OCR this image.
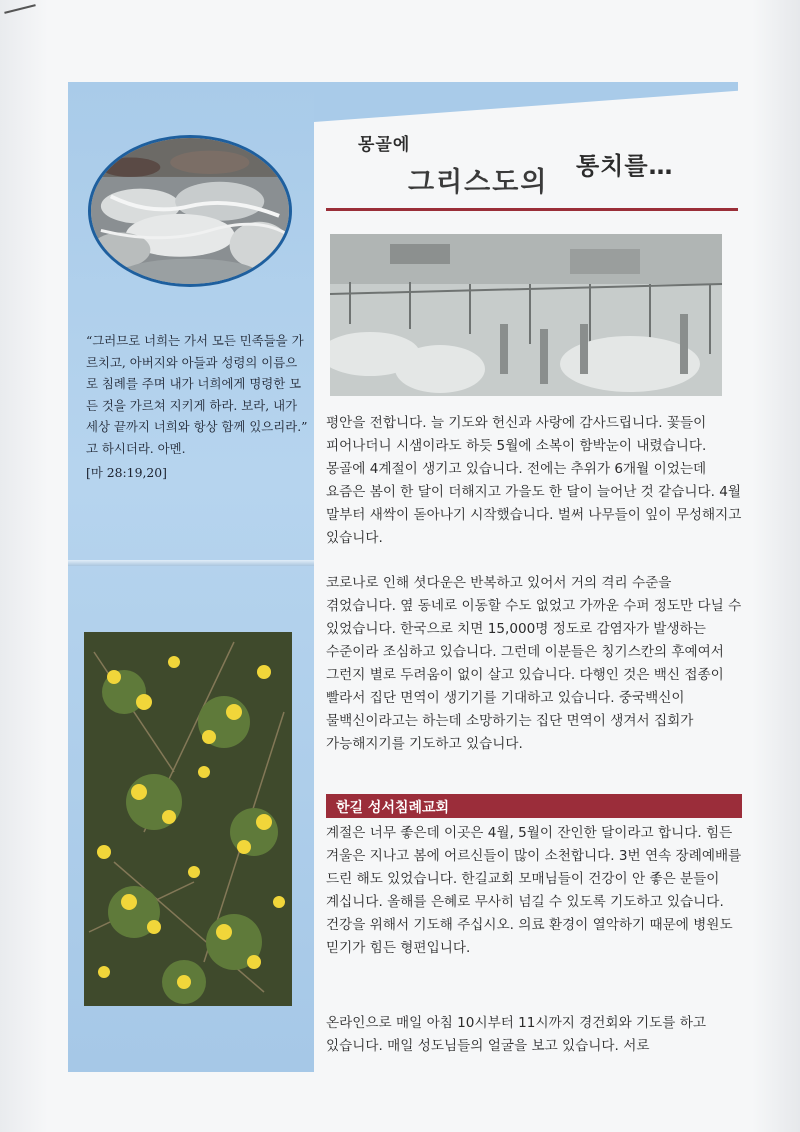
“그러므로 너희는 가서 모든 민족들을 가르치고, 아버지와 아들과 성령의 이름으로 침례를 주며 내가 너희에게 명령한 모든 것을 가르쳐 지키게 하라. 보라, 내가 세상 끝까지 너희와 항상 함께 있으리라.” 고 하시더라. 아멘.
[마 28:19,20]
몽골에
그리스도의
통치를…
평안을 전합니다. 늘 기도와 헌신과 사랑에 감사드립니다. 꽃들이 피어나더니 시샘이라도 하듯 5월에 소복이 함박눈이 내렸습니다. 몽골에 4계절이 생기고 있습니다. 전에는 추위가 6개월 이었는데 요즘은 봄이 한 달이 더해지고 가을도 한 달이 늘어난 것 같습니다. 4월 말부터 새싹이 돋아나기 시작했습니다. 벌써 나무들이 잎이 무성해지고 있습니다.
코로나로 인해 셧다운은 반복하고 있어서 거의 격리 수준을 겪었습니다. 옆 동네로 이동할 수도 없었고 가까운 수퍼 정도만 다닐 수 있었습니다. 한국으로 치면 15,000명 정도로 감염자가 발생하는 수준이라 조심하고 있습니다. 그런데 이분들은 칭기스칸의 후예여서 그런지 별로 두려움이 없이 살고 있습니다. 다행인 것은 백신 접종이 빨라서 집단 면역이 생기기를 기대하고 있습니다. 중국백신이 물백신이라고는 하는데 소망하기는 집단 면역이 생겨서 집회가 가능해지기를 기도하고 있습니다.
한길 성서침례교회
계절은 너무 좋은데 이곳은 4월, 5월이 잔인한 달이라고 합니다. 힘든 겨울은 지나고 봄에 어르신들이 많이 소천합니다. 3번 연속 장례예배를 드린 해도 있었습니다. 한길교회 모매님들이 건강이 안 좋은 분들이 계십니다. 올해를 은혜로 무사히 넘길 수 있도록 기도하고 있습니다. 건강을 위해서 기도해 주십시오. 의료 환경이 열악하기 때문에 병원도 믿기가 힘든 형편입니다.
온라인으로 매일 아침 10시부터 11시까지 경건회와 기도를 하고 있습니다. 매일 성도님들의 얼굴을 보고 있습니다. 서로
